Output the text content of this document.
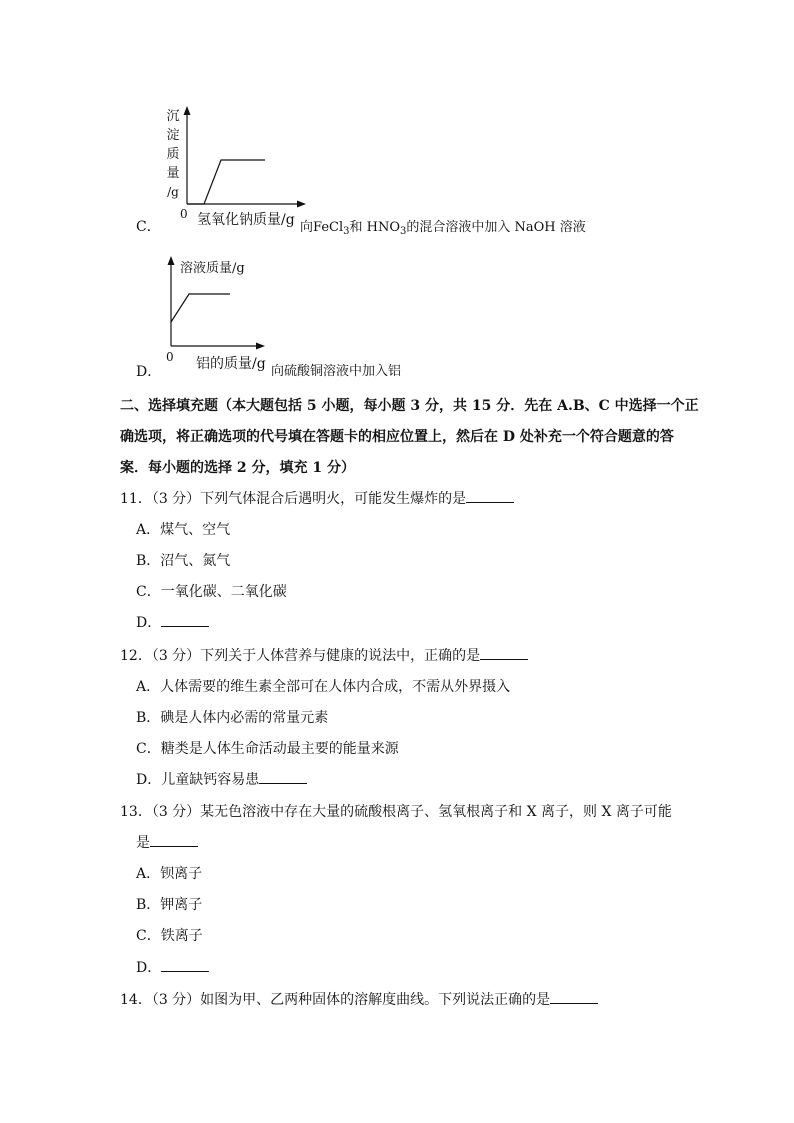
沉
淀
质
量
/g
0
C．	氢氧化钠质量/g 向FeCl$_3$和 $HNO_3$的混合溶液中加入 NaOH 溶液
溶液质量/g
0
D． 铝的质量/g 向硫酸铜溶液中加入铝
二、选择填充题（本大题包括 5 小题，每小题 3 分，共 15 分．先在 A.B、C 中选择一个正
确选项，将正确选项的代号填在答题卡的相应位置上，然后在 D 处补充一个符合题意的答
案．每小题的选择 2 分，填充 1 分）
11．（3 分）下列气体混合后遇明火，可能发生爆炸的是
A．煤气、空气
B．沼气、氮气
C．一氧化碳、二氧化碳
D．
12．（3 分）下列关于人体营养与健康的说法中，正确的是
A．人体需要的维生素全部可在人体内合成，不需从外界摄入
B．碘是人体内必需的常量元素
C．糖类是人体生命活动最主要的能量来源
D．儿童缺钙容易患
13．（3 分）某无色溶液中存在大量的硫酸根离子、氢氧根离子和 X 离子，则 X 离子可能
是
A．钡离子
B．钾离子
C．铁离子
D．
14．（3 分）如图为甲、乙两种固体的溶解度曲线。下列说法正确的是
